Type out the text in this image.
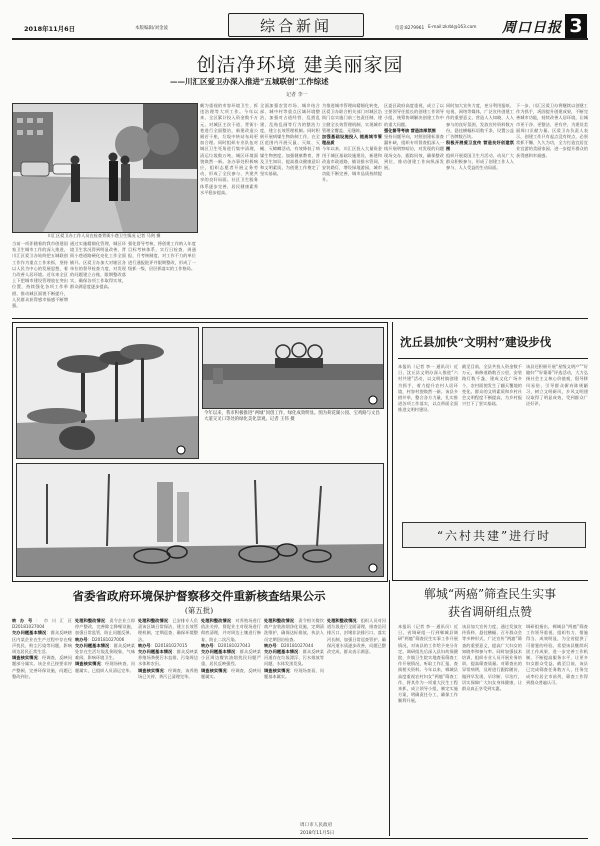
2018年11月6日	本版编辑/刘金波	综合新闻	电话:8279961 E-mail:zkrbl@163.com 周口日报 3
创洁净环境 建美丽家园
——川汇区爱卫办深入推进“五城联创”工作综述
记者 李一
川汇区爱卫办工作人员在检查背街小巷卫生情况 记者 马剑 摄
当前一项伴随着的我市创建国家卫生城市工作的深入推进，川汇区爱卫办始终把五城联创工作作为重点工作来抓，坚持以人民为中心的发展思想，着力改善人居环境。近年来全区上下把城市建设管理放在突出位置，持续强化各项工作举措，推动城区面貌不断提升，人民群众获得感幸福感不断增强。
通过实施精细化管理，城区环境卫生状况得到明显改善，背街小巷道路硬化亮化工作全面铺开。区爱卫办加大对辖区各单位的督导检查力度，对发现的问题建立台账，限期整改落实，确保各项工作取得实效，群众满意度逐步提高。
强化督导考核，将创建工作纳入年度目标考核体系，实行日检查、周通报、月考核制度，对工作不力的单位进行通报批评并限期整改，形成了一级抓一级、层层抓落实的工作格局。
颇为重视的市容环境卫生、拆违治理等大项工作。今年以来，全区累计投入资金数千万元，对城区主次干道、背街小巷进行全面整治，新建改造公厕若干座，垃圾中转站布局更加合理。同时组织专业队伍对城区卫生死角进行集中清理，清运垃圾数万吨，城区环境面貌焕然一新。各办事处积极响应，组织志愿者开展义务劳动，形成了全民参与、共建共享的良好局面。社区卫生服务体系逐步完善，居民健康素养水平稳步提高。
全面加强农贸市场、城乡结合部、城中村等重点区域环境整治，加强对占道经营、乱搭乱建、乱贴乱画等行为的整治力度，建立长效管理机制。同时积极开展病媒生物防制工作，在全区范围内开展灭鼠、灭蚊、灭蝇、灭蟑螂活动，有效降低了病媒生物密度。加强健康教育，普及卫生知识，提高群众健康意识和文明素质，为创建工作奠定了坚实基础。
为推进城市管理向精细化转变，区爱卫办联合相关部门对城区沿街门店实施门前三包责任制，建立健全长效管理机制，实现城市管理全覆盖、无缝隙。
加强基础设施投入 提高城市管理品质
今年以来，川汇区投入大量资金用于城区基础设施建设，新建和改造市政道路，铺设排水管网，安装路灯，增设绿地游园，城市功能不断完善，城市品质持续提升。
区委区政府高度重视，成立了以主要领导任组长的创建工作领导小组，统筹协调解决创建工作中的重大问题。
强化督导考核 营造浓厚氛围
坚持问题导向，对照创建标准查漏补缺，组织专项督查组深入一线开展明察暗访，对发现的问题现场交办，跟踪问效，确保整改到位，推动创建工作向纵深发展。
同时加大宣传力度，充分利用报纸、电视、网络等媒体，广泛宣传创建工作的重要意义，营造人人知晓、人人参与的良好氛围，发放宣传资料数万份，悬挂横幅标语数千条，设置公益广告牌数百块。
积极开展爱卫宣传 营造良好创建氛围
组织开展爱国卫生月活动，动员广大群众积极参与，形成了创建工作人人参与、人人受益的生动局面。
下一步，川汇区爱卫办将继续以创建工作为抓手，巩固提升创建成果，不断完善城市功能，持续改善人居环境，让城市更干净、更整洁、更有序，为建设美丽周口贡献力量。区爱卫办负责人表示，创建工作只有起点没有终点，必须常抓不懈、久久为功，全力打造宜居宜业宜游的美丽家园，进一步提升群众的获得感和幸福感。
今年以来，我市积极推进“两城”同创工作，绿化成效明显。图为荷花湖公园、宝鸡路与文昌大道交叉口等处的绿化美化景观。记者 王伟 摄
沈丘县加快“文明村”建设步伐
本报讯（记者 李一 通讯员）近日，沈丘县文明办深入推进“六村共建”活动，以文明村镇创建为抓手，着力提升农村人居环境，村容村貌焕然一新。该县多措并举，整合各方力量，扎实推进各项工作落实，以点带面全面推进文明村建设。
截至目前，全县共投入资金数千万元，新修道路数百公里，安装路灯数千盏，建成文化广场多个，农村面貌发生了翻天覆地的变化。群众的文明素质和乡村社会文明程度不断提高，为乡村振兴打下了坚实基础。
该县还积极开展“星级文明户”“好媳妇”“好婆婆”评选活动，大力弘扬社会主义核心价值观，倡导移风易俗，引导群众摒弃陈规陋习，树立文明新风，乡风文明建设取得了明显成效，受到群众广泛好评。
“六村共建”进行时
郸城“两癌”筛查民生实事
获省调研组点赞
本报讯（记者 李一 通讯员）近日，省调研组一行到郸城县调研“两癌”筛查民生实事工作开展情况，对该县的工作给予充分肯定。调研组先后深入县妇幼保健院、乡镇卫生院实地查看筛查工作开展情况，听取工作汇报，查阅相关资料。今年以来，郸城县高度重视农村妇女“两癌”筛查工作，将其作为一项重大民生工程来抓，成立领导小组，制定实施方案，明确责任分工，确保工作顺利开展。
该县加大宣传力度，通过发放宣传资料、悬挂横幅、召开群众会等多种形式，广泛宣传“两癌”筛查的重要意义，提高广大妇女的知晓率和参与率。同时加强技术培训，组织专业人员开展业务培训，提高筛查质量。对筛查出的异常病例，及时进行跟踪随访，做到早发现、早诊断、早治疗，切实保障广大妇女身体健康，让群众真正享受到实惠。
调研组指出，郸城县“两癌”筛查工作领导重视、组织有力、措施得当、成效明显，为全省提供了可借鉴的经验。希望该县继续巩固工作成果，进一步完善工作机制，不断提高服务水平，让更多妇女群众受益。截至目前，该县已完成筛查任务数万人，任务完成率位居全市前列，筛查工作得到群众普遍认可。
省委省政府环境保护督察移交件重新核查结果公示
(第五批)
转办号：市川汇区 D20181027004
交办问题基本情况：群众反映辖区内某企业在生产过程中存在噪声扰民、粉尘污染等问题，影响周边居民正常生活。
调查核实情况：经调查，反映问题部分属实。该企业已按要求停产整顿，完善环保设施，问题已整改到位。
处理和整改情况：责令企业立即停产整改，完善除尘降噪设施，加强日常监管，防止问题反弹。
转办号：D20181027006
交办问题基本情况：群众反映某处存在生活垃圾乱倒现象，气味难闻，影响环境卫生。
调查核实情况：经现场核查，问题属实，已组织人员清运完毕。
处理和整改情况：已安排专人负责该区域日常保洁，建立长效管理机制，定期巡查，确保环境整洁。
转办号：D20181027015
交办问题基本情况：群众反映某养殖场粪便污水直排，污染周边水体和农田。
调查核实情况：经调查，该养殖场已关停，粪污已清理完毕。
处理和整改情况：对养殖场进行依法关停，督促业主对现场进行彻底清理，并对周边土壤进行修复，防止二次污染。
转办号：D20181027043
交办问题基本情况：群众反映某小区周边餐饮油烟扰民问题严重，居民反映强烈。
调查核实情况：经调查，反映问题属实。
处理和整改情况：责令相关餐饮商户安装油烟净化设施，定期清洗维护，确保达标排放，执法人员定期回访检查。
转办号：D20181027044
交办问题基本情况：群众反映某河道存在垃圾漂浮、污水排放等问题，水体发黑发臭。
调查核实情况：经现场查看，问题基本属实。
处理和整改情况：组织人员对河道垃圾进行全面清理，排查沿河排污口，封堵非法排污口，落实河长制，加强日常巡查管护，确保河道水质逐步改善，问题已整改完成，群众表示满意。
周口市人民政府
2018年11月5日
